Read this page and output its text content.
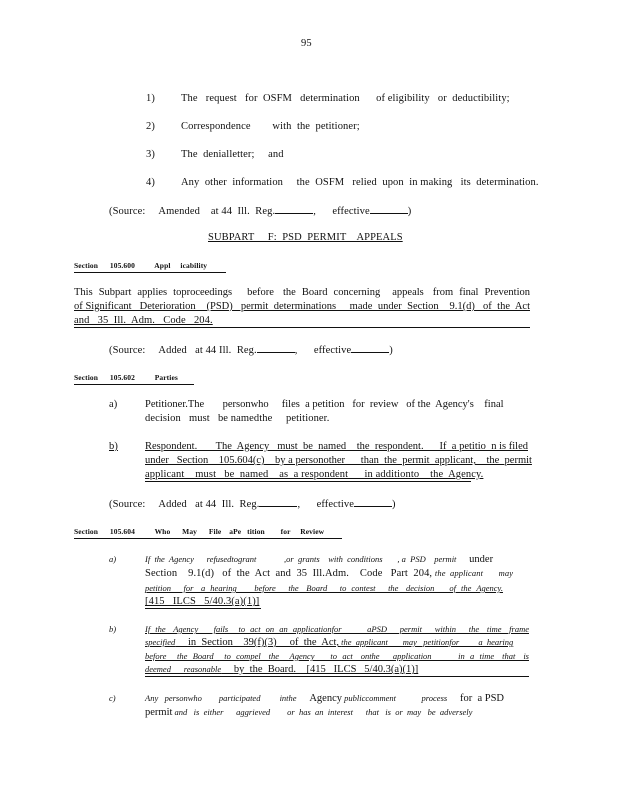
95
1) The   request   for  OSFM   determination      of eligibility   or  deductibility;
2) Correspondence        with  the  petitioner;
3) The  denialletter;     and
4) Any  other  information     the  OSFM   relied  upon  in making   its  determination.
(Source:     Amended    at 44  Ill.  Reg.	,      effective	)
SUBPART     F:  PSD  PERMIT    APPEALS
Section      105.600          Appl     icability
This  Subpart  applies  toproceedings     before   the  Board  concerning    appeals   from  final  Prevention
of Significant   Deterioration    (PSD)   permit  determinations     made  under  Section    9.1(d)   of  the  Act
and   35  Ill.  Adm.   Code   204.
(Source:     Added   at 44 Ill.  Reg.	, effective	)
Section      105.602          Parties
a)	Petitioner.The       personwho     files  a petition   for  review   of the  Agency's    final
decision   must   be namedthe     petitioner.
b)	Respondent.       The  Agency   must  be  named    the  respondent.      If  a petitio  n is filed
under   Section    105.604(c)    by a personother      than  the  permit  applicant,    the  permit
applicant    must   be  named    as  a respondent      in additionto    the  Agency.
(Source:     Added   at 44  Ill.  Reg.	, effective	)
Section      105.604          Who      May      File    aPe   tition        for     Review
a)	If  the  Agency      refusedtogrant             ,or  grants    with  conditions       , a  PSD    permit under
Section    9.1(d)   of  the  Act  and  35  Ill.Adm.    Code   Part  204, the  applicant       may
petition     for   a  hearing       before     the   Board     to  contest     the   decision      of  the  Agency.
[415   ILCS   5/40.3(a)(1)]
b)	If  the   Agency      fails    to  act  on  an  applicationfor          aPSD     permit     within     the   time   frame
specified in  Section    39(f)(3)     of  the  Act, the  applicant       may   petitionfor         a  hearing
before    the  Board    to  compel   the    Agency      to  act   onthe     application          in  a  time   that   is
deemed      reasonable by  the  Board.    [415   ILCS   5/40.3(a)(1)]
c)	Any   personwho        participated         inthe Agency publiccomment            process for  a PSD
permit and   is  either      aggrieved        or  has  an  interest      that   is  or  may   be  adversely
